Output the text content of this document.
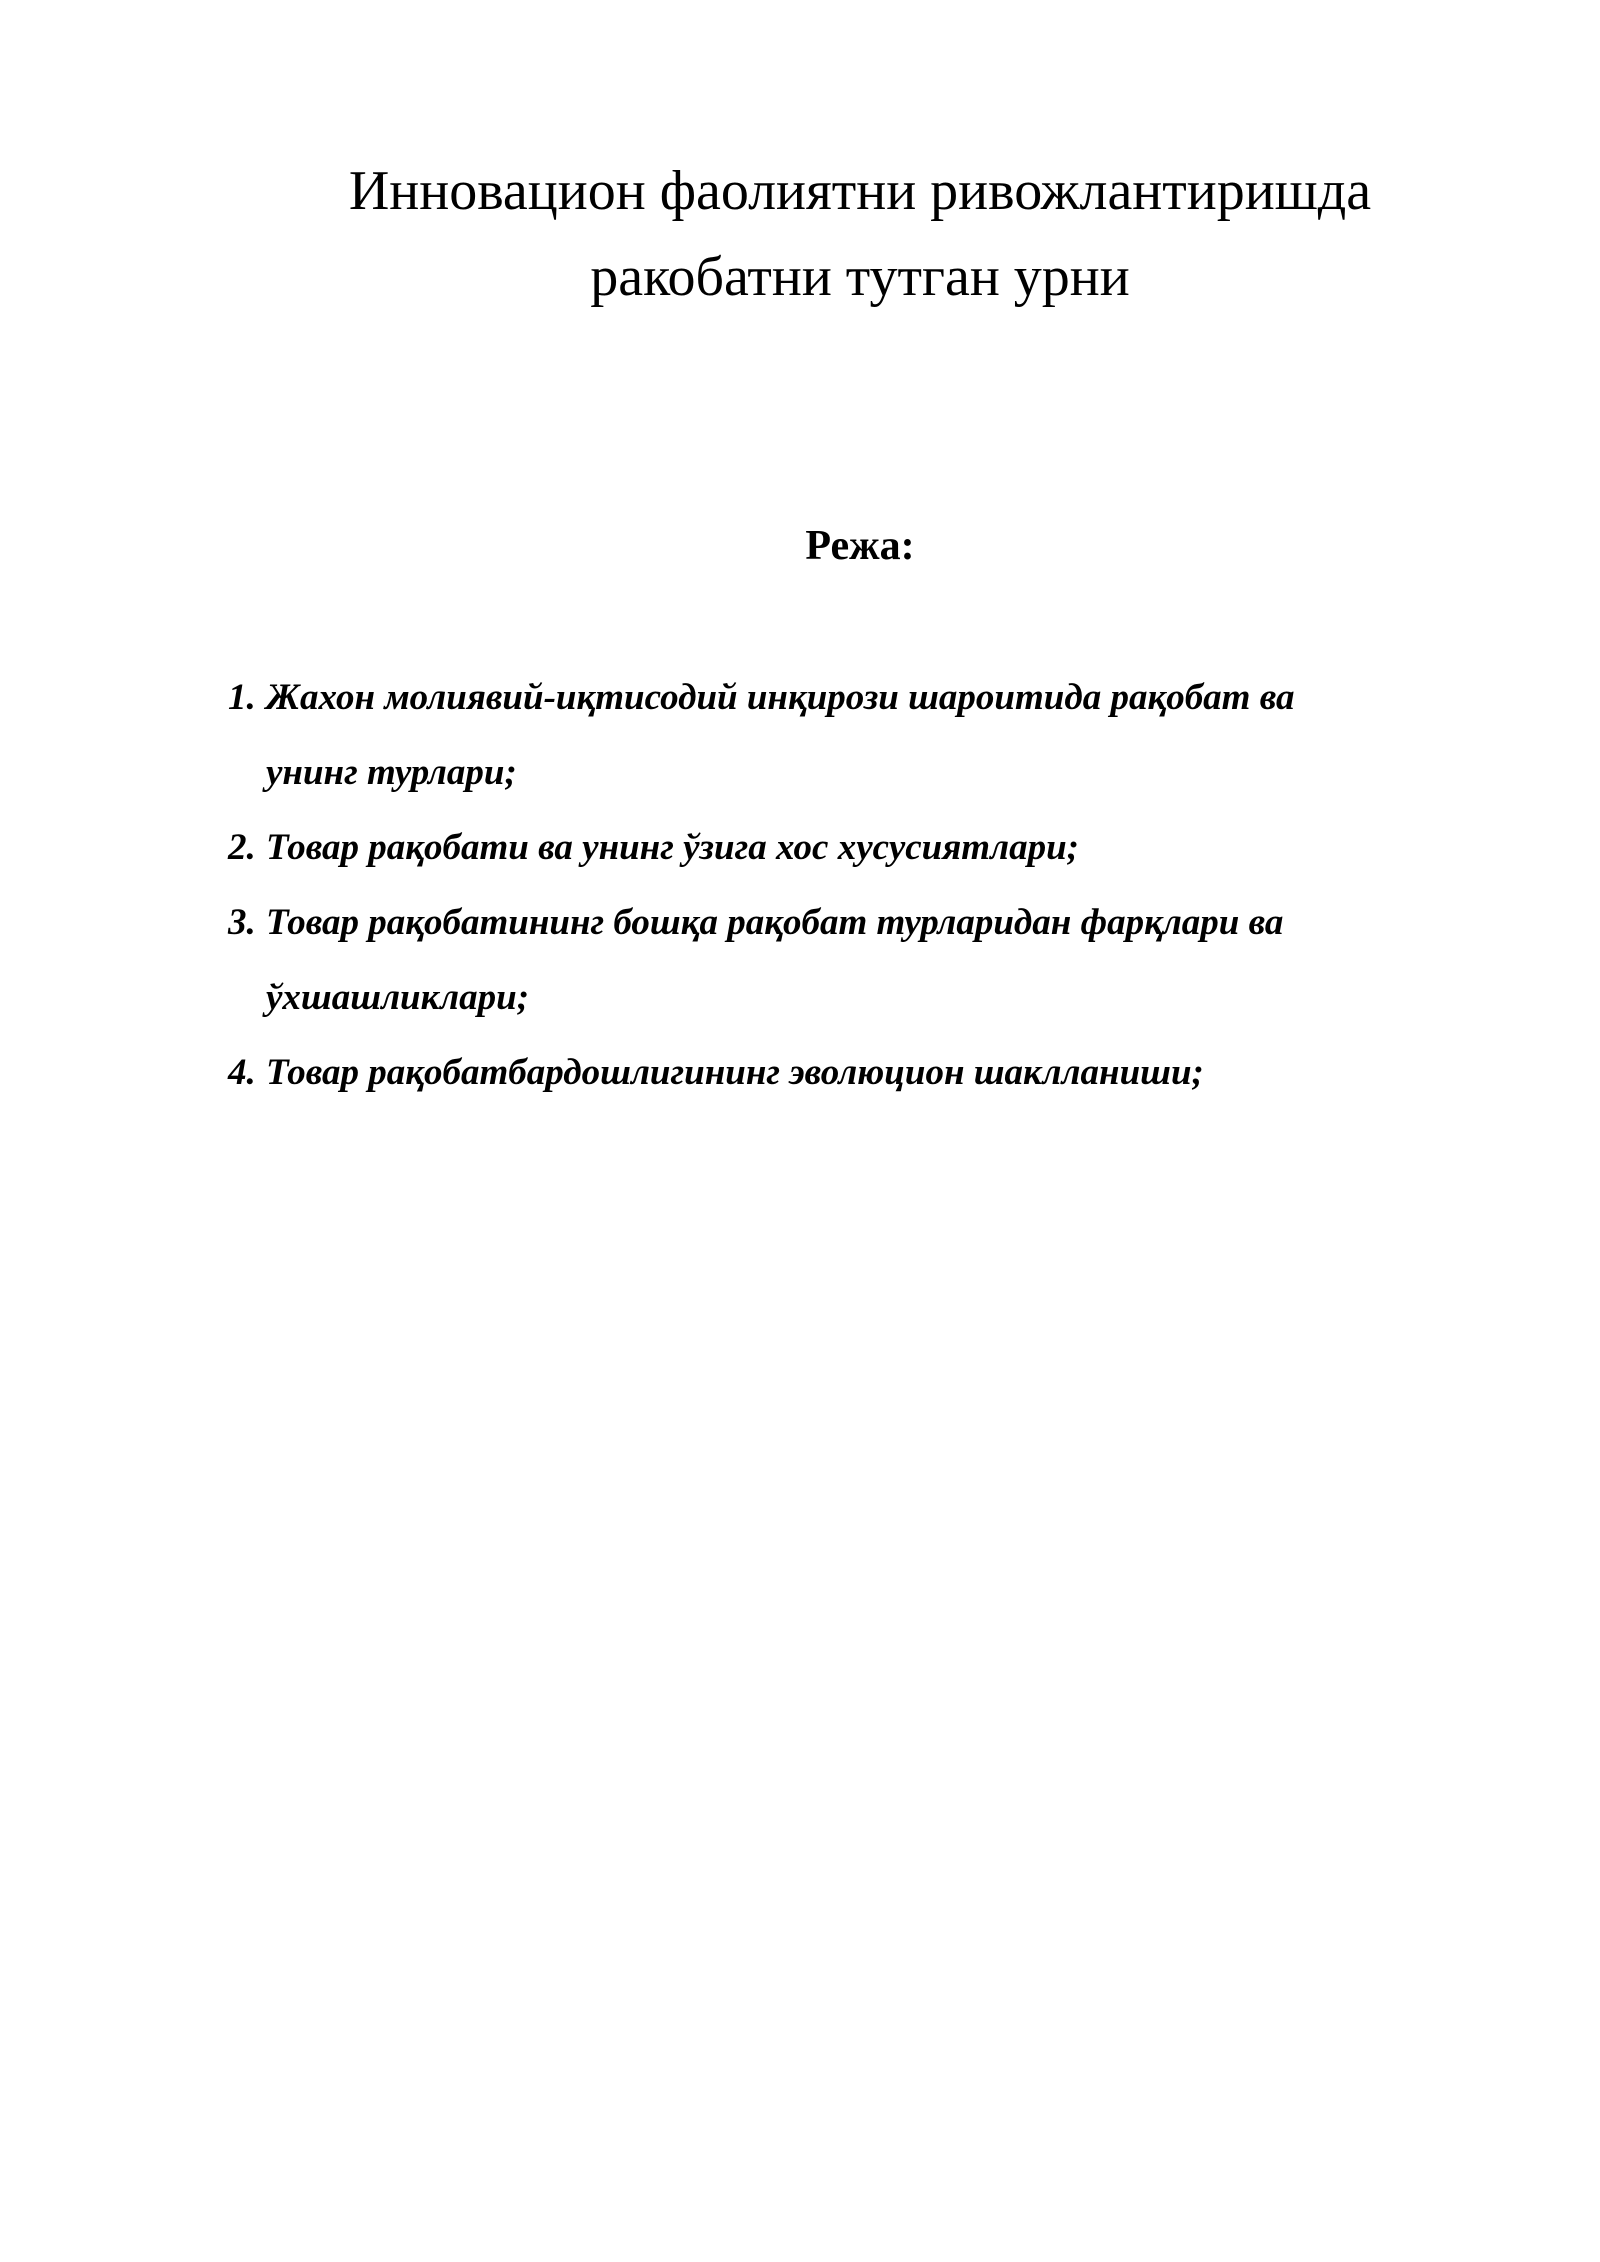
Инновацион фаолиятни ривожлантиришда
ракобатни тутган урни
Режа:
1. Жахон молиявий-иқтисодий инқирози шароитида рақобат ва
унинг турлари;
2. Товар рақобати ва унинг ўзига хос хусусиятлари;
3. Товар рақобатининг бошқа рақобат турларидан фарқлари ва
ўхшашликлари;
4. Товар рақобатбардошлигининг эволюцион шаклланиши;
